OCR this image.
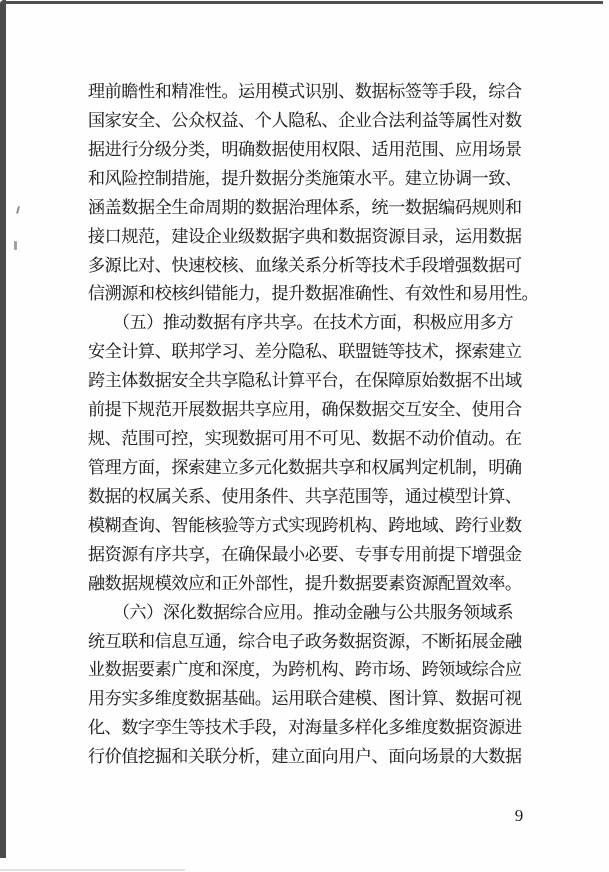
理前瞻性和精准性。运用模式识别、数据标签等手段，综合
国家安全、公众权益、个人隐私、企业合法利益等属性对数
据进行分级分类，明确数据使用权限、适用范围、应用场景
和风险控制措施，提升数据分类施策水平。建立协调一致、
涵盖数据全生命周期的数据治理体系，统一数据编码规则和
接口规范，建设企业级数据字典和数据资源目录，运用数据
多源比对、快速校核、血缘关系分析等技术手段增强数据可
信溯源和校核纠错能力，提升数据准确性、有效性和易用性。
　　（五）推动数据有序共享。在技术方面，积极应用多方
安全计算、联邦学习、差分隐私、联盟链等技术，探索建立
跨主体数据安全共享隐私计算平台，在保障原始数据不出域
前提下规范开展数据共享应用，确保数据交互安全、使用合
规、范围可控，实现数据可用不可见、数据不动价值动。在
管理方面，探索建立多元化数据共享和权属判定机制，明确
数据的权属关系、使用条件、共享范围等，通过模型计算、
模糊查询、智能核验等方式实现跨机构、跨地域、跨行业数
据资源有序共享，在确保最小必要、专事专用前提下增强金
融数据规模效应和正外部性，提升数据要素资源配置效率。
　　（六）深化数据综合应用。推动金融与公共服务领域系
统互联和信息互通，综合电子政务数据资源，不断拓展金融
业数据要素广度和深度，为跨机构、跨市场、跨领域综合应
用夯实多维度数据基础。运用联合建模、图计算、数据可视
化、数字孪生等技术手段，对海量多样化多维度数据资源进
行价值挖掘和关联分析，建立面向用户、面向场景的大数据
9
